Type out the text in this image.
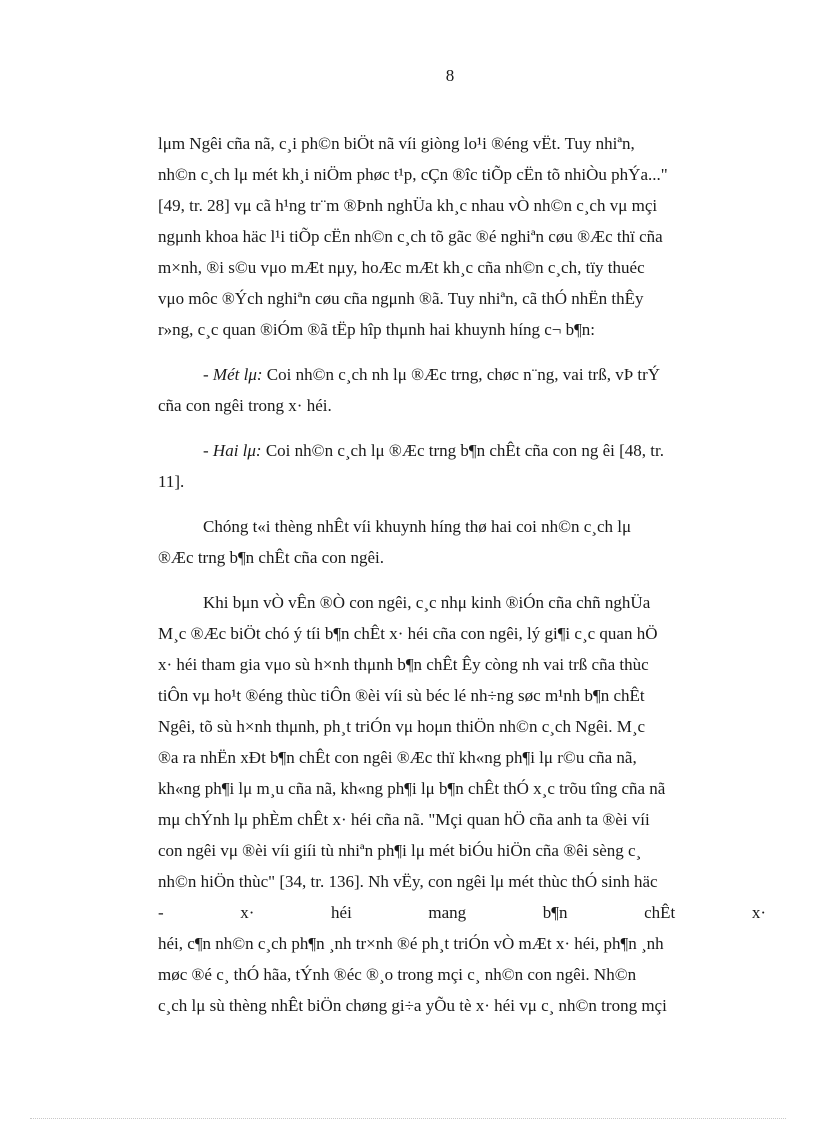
8
lμm Ngêi cña nã, c¸i ph©n biÖt nã víi giòng lo¹i ®éng vËt. Tuy nhiªn,
nh©n c¸ch lμ mét kh¸i niÖm phøc t¹p, cÇn ®îc tiÕp cËn tõ nhiÒu phÝa..."
[49, tr. 28] vμ cã h¹ng tr¨m ®Þnh nghÜa kh¸c nhau vÒ nh©n c¸ch vμ mçi
ngμnh khoa häc l¹i tiÕp cËn nh©n c¸ch tõ gãc ®é nghiªn cøu ®Æc thï cña
m×nh, ®i s©u vμo mÆt nμy, hoÆc mÆt kh¸c cña nh©n c¸ch, tïy thuéc
vμo môc ®Ých nghiªn cøu cña ngμnh ®ã. Tuy nhiªn, cã thÓ nhËn thÊy
r»ng, c¸c quan ®iÓm ®ã tËp hîp thμnh hai khuynh híng c¬ b¶n:
- Mét lμ: Coi nh©n c¸ch nh lμ ®Æc trng, chøc n¨ng, vai trß, vÞ trÝ
cña con ngêi trong x· héi.
- Hai lμ: Coi nh©n c¸ch lμ ®Æc trng b¶n chÊt cña con ng êi [48, tr.
11].
Chóng t«i thèng nhÊt víi khuynh híng thø hai coi nh©n c¸ch lμ
®Æc trng b¶n chÊt cña con ngêi.
Khi bμn vÒ vÊn ®Ò con ngêi, c¸c nhμ kinh ®iÓn cña chñ nghÜa
M¸c ®Æc biÖt chó ý tíi b¶n chÊt x· héi cña con ngêi, lý gi¶i c¸c quan hÖ
x· héi tham gia vμo sù h×nh thμnh b¶n chÊt Êy còng nh vai trß cña thùc
tiÔn vμ ho¹t ®éng thùc tiÔn ®èi víi sù béc lé nh÷ng søc m¹nh b¶n chÊt
Ngêi, tõ sù h×nh thμnh, ph¸t triÓn vμ hoμn thiÖn nh©n c¸ch Ngêi. M¸c
®a ra nhËn xÐt b¶n chÊt con ngêi ®Æc thï kh«ng ph¶i lμ r©u cña nã,
kh«ng ph¶i lμ m¸u cña nã, kh«ng ph¶i lμ b¶n chÊt thÓ x¸c trõu tîng cña nã
mμ chÝnh lμ phÈm chÊt x· héi cña nã. "Mçi quan hÖ cña anh ta ®èi víi
con ngêi vμ ®èi víi giíi tù nhiªn ph¶i lμ mét biÓu hiÖn cña ®êi sèng c¸
nh©n hiÖn thùc" [34, tr. 136]. Nh vËy, con ngêi lμ mét thùc thÓ sinh häc
-	x·	héi	mang	b¶n	chÊt	x·
héi, c¶n nh©n c¸ch ph¶n ¸nh tr×nh ®é ph¸t triÓn vÒ mÆt x· héi, ph¶n ¸nh
møc ®é c¸ thÓ hãa, tÝnh ®éc ®¸o trong mçi c¸ nh©n con ngêi. Nh©n
c¸ch lμ sù thèng nhÊt biÖn chøng gi÷a yÕu tè x· héi vμ c¸ nh©n trong mçi
